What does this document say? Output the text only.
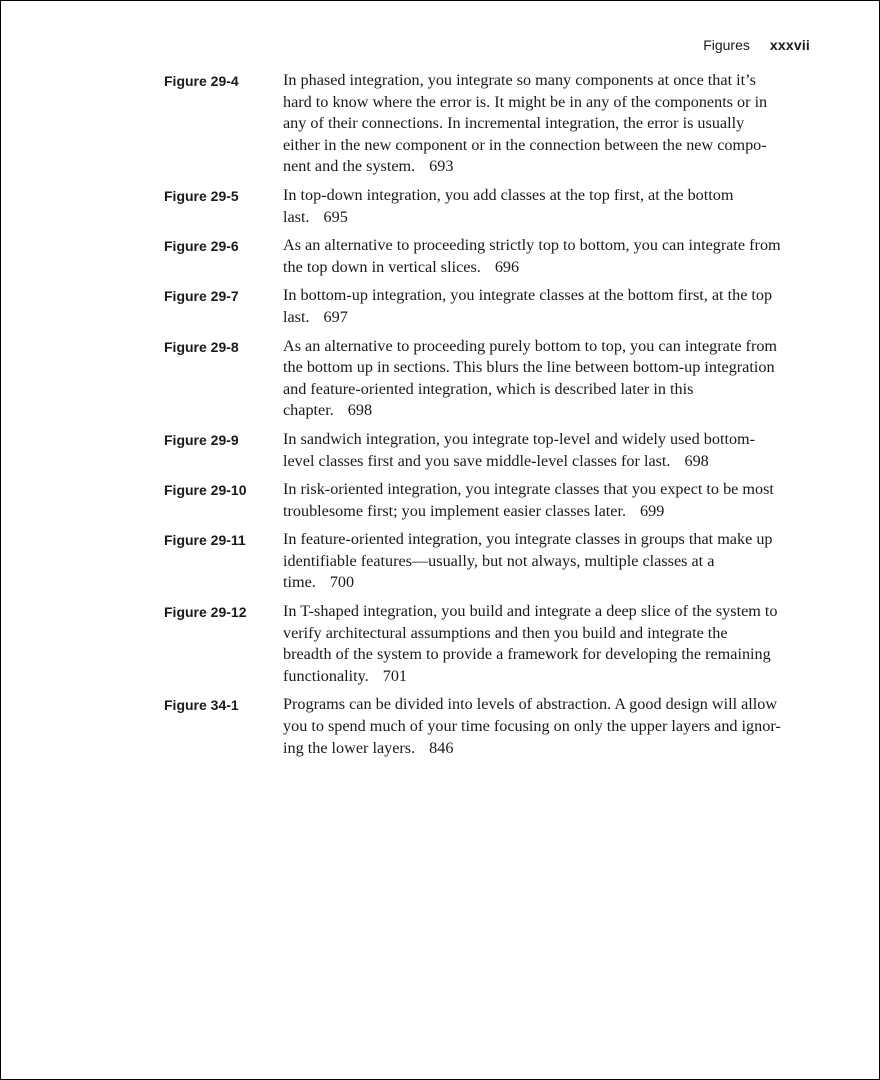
Figures xxxvii
Figure 29-4	In phased integration, you integrate so many components at once that it’s
hard to know where the error is. It might be in any of the components or in
any of their connections. In incremental integration, the error is usually
either in the new component or in the connection between the new compo-
nent and the system. 693
Figure 29-5	In top-down integration, you add classes at the top first, at the bottom
last. 695
Figure 29-6	As an alternative to proceeding strictly top to bottom, you can integrate from
the top down in vertical slices. 696
Figure 29-7	In bottom-up integration, you integrate classes at the bottom first, at the top
last. 697
Figure 29-8	As an alternative to proceeding purely bottom to top, you can integrate from
the bottom up in sections. This blurs the line between bottom-up integration
and feature-oriented integration, which is described later in this
chapter. 698
Figure 29-9	In sandwich integration, you integrate top-level and widely used bottom-
level classes first and you save middle-level classes for last. 698
Figure 29-10	In risk-oriented integration, you integrate classes that you expect to be most
troublesome first; you implement easier classes later. 699
Figure 29-11	In feature-oriented integration, you integrate classes in groups that make up
identifiable features—usually, but not always, multiple classes at a
time. 700
Figure 29-12	In T-shaped integration, you build and integrate a deep slice of the system to
verify architectural assumptions and then you build and integrate the
breadth of the system to provide a framework for developing the remaining
functionality. 701
Figure 34-1	Programs can be divided into levels of abstraction. A good design will allow
you to spend much of your time focusing on only the upper layers and ignor-
ing the lower layers. 846
